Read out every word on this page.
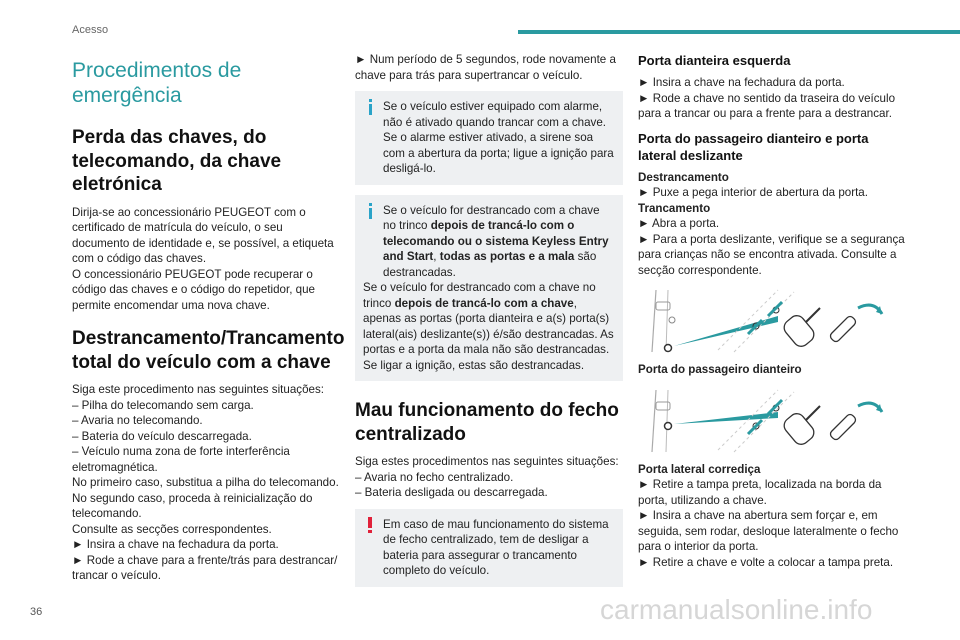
Acesso
Procedimentos de emergência
Perda das chaves, do telecomando, da chave eletrónica

Dirija-se ao concessionário PEUGEOT com o certificado de matrícula do veículo, o seu documento de identidade e, se possível, a etiqueta com o código das chaves.

O concessionário PEUGEOT pode recuperar o código das chaves e o código do repetidor, que permite encomendar uma nova chave.

Destrancamento/Trancamento total do veículo com a chave

Siga este procedimento nas seguintes situações:

– Pilha do telecomando sem carga.

– Avaria no telecomando.

– Bateria do veículo descarregada.

– Veículo numa zona de forte interferência eletromagnética.

No primeiro caso, substitua a pilha do telecomando.

No segundo caso, proceda à reinicialização do telecomando.

Consulte as secções correspondentes.

► Insira a chave na fechadura da porta.

► Rode a chave para a frente/trás para destrancar/ trancar o veículo.

► Num período de 5 segundos, rode novamente a chave para trás para supertrancar o veículo.

Se o veículo estiver equipado com alarme, não é ativado quando trancar com a chave. Se o alarme estiver ativado, a sirene soa com a abertura da porta; ligue a ignição para desligá-lo.

Se o veículo for destrancado com a chave no trinco depois de trancá-lo com o telecomando ou o sistema Keyless Entry and Start, todas as portas e a mala são destrancadas.

Se o veículo for destrancado com a chave no trinco depois de trancá-lo com a chave, apenas as portas (porta dianteira e a(s) porta(s) lateral(ais) deslizante(s)) é/são destrancadas. As portas e a porta da mala não são destrancadas. Se ligar a ignição, estas são destrancadas.

Mau funcionamento do fecho centralizado

Siga estes procedimentos nas seguintes situações:

– Avaria no fecho centralizado.

– Bateria desligada ou descarregada.

Em caso de mau funcionamento do sistema de fecho centralizado, tem de desligar a bateria para assegurar o trancamento completo do veículo.

Porta dianteira esquerda

► Insira a chave na fechadura da porta.

► Rode a chave no sentido da traseira do veículo para a trancar ou para a frente para a destrancar.

Porta do passageiro dianteiro e porta lateral deslizante

Destrancamento

► Puxe a pega interior de abertura da porta.

Trancamento

► Abra a porta.

► Para a porta deslizante, verifique se a segurança para crianças não se encontra ativada. Consulte a secção correspondente.

Porta do passageiro dianteiro

Porta lateral corrediça

► Retire a tampa preta, localizada na borda da porta, utilizando a chave.

► Insira a chave na abertura sem forçar e, em seguida, sem rodar, desloque lateralmente o fecho para o interior da porta.

► Retire a chave e volte a colocar a tampa preta.

36	carmanualsonline.info
